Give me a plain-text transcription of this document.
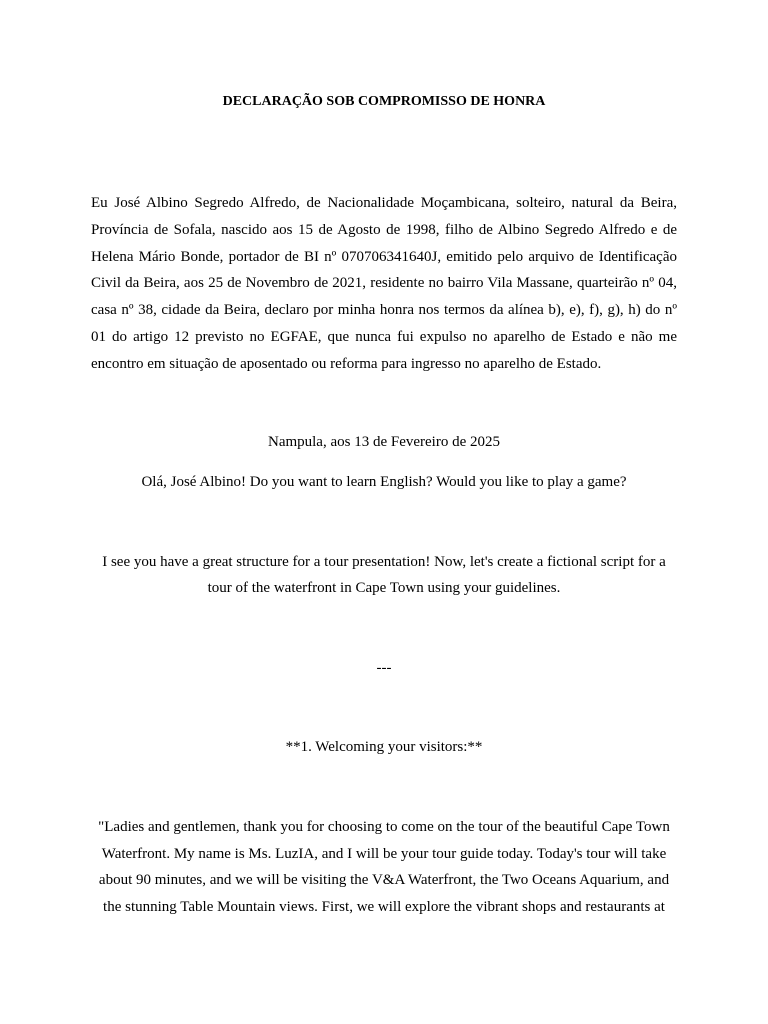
DECLARAÇÃO SOB COMPROMISSO DE HONRA
Eu José Albino Segredo Alfredo, de Nacionalidade Moçambicana, solteiro, natural da Beira, Província de Sofala, nascido aos 15 de Agosto de 1998, filho de Albino Segredo Alfredo e de Helena Mário Bonde, portador de BI nº 070706341640J, emitido pelo arquivo de Identificação Civil da Beira, aos 25 de Novembro de 2021, residente no bairro Vila Massane, quarteirão nº 04, casa nº 38, cidade da Beira, declaro por minha honra nos termos da alínea b), e), f), g), h) do nº 01 do artigo 12 previsto no EGFAE, que nunca fui expulso no aparelho de Estado e não me encontro em situação de aposentado ou reforma para ingresso no aparelho de Estado.
Nampula, aos 13 de Fevereiro de 2025
Olá, José Albino! Do you want to learn English? Would you like to play a game?
I see you have a great structure for a tour presentation! Now, let's create a fictional script for a tour of the waterfront in Cape Town using your guidelines.
---
**1. Welcoming your visitors:**
"Ladies and gentlemen, thank you for choosing to come on the tour of the beautiful Cape Town Waterfront. My name is Ms. LuzIA, and I will be your tour guide today. Today's tour will take about 90 minutes, and we will be visiting the V&A Waterfront, the Two Oceans Aquarium, and the stunning Table Mountain views. First, we will explore the vibrant shops and restaurants at
